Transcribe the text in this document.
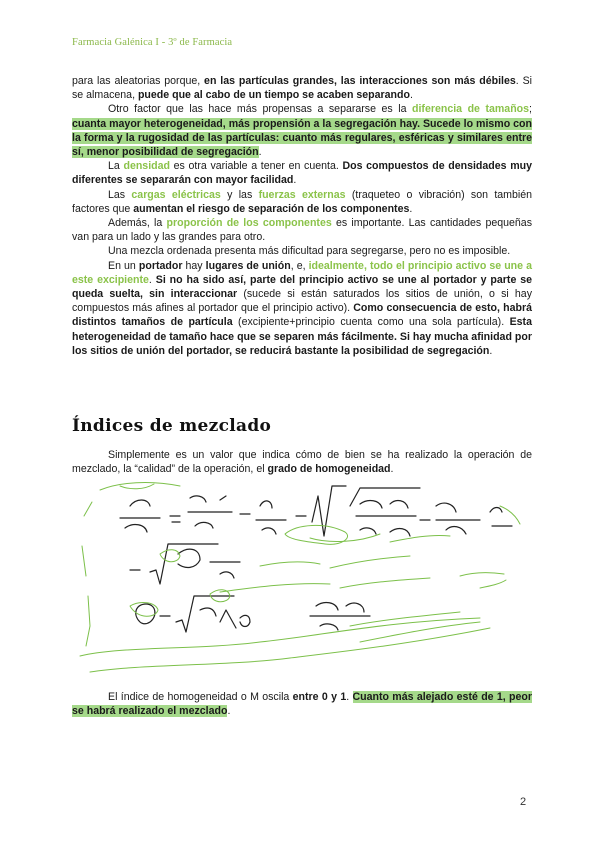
Farmacia Galénica I - 3º de Farmacia

para las aleatorias porque, en las partículas grandes, las interacciones son más débiles. Si se almacena, puede que al cabo de un tiempo se acaben separando.

Otro factor que las hace más propensas a separarse es la diferencia de tamaños; cuanta mayor heterogeneidad, más propensión a la segregación hay. Sucede lo mismo con la forma y la rugosidad de las partículas: cuanto más regulares, esféricas y similares entre sí, menor posibilidad de segregación.

La densidad es otra variable a tener en cuenta. Dos compuestos de densidades muy diferentes se separarán con mayor facilidad.

Las cargas eléctricas y las fuerzas externas (traqueteo o vibración) son también factores que aumentan el riesgo de separación de los componentes.

Además, la proporción de los componentes es importante. Las cantidades pequeñas van para un lado y las grandes para otro.

Una mezcla ordenada presenta más dificultad para segregarse, pero no es imposible.

En un portador hay lugares de unión, e, idealmente, todo el principio activo se une a este excipiente. Si no ha sido así, parte del principio activo se une al portador y parte se queda suelta, sin interaccionar (sucede si están saturados los sitios de unión, o si hay compuestos más afines al portador que el principio activo). Como consecuencia de esto, habrá distintos tamaños de partícula (excipiente+principio cuenta como una sola partícula). Esta heterogeneidad de tamaño hace que se separen más fácilmente. Si hay mucha afinidad por los sitios de unión del portador, se reducirá bastante la posibilidad de segregación.

Índices de mezclado

Simplemente es un valor que indica cómo de bien se ha realizado la operación de mezclado, la “calidad” de la operación, el grado de homogeneidad.

El índice de homogeneidad o M oscila entre 0 y 1. Cuanto más alejado esté de 1, peor se habrá realizado el mezclado.

2
